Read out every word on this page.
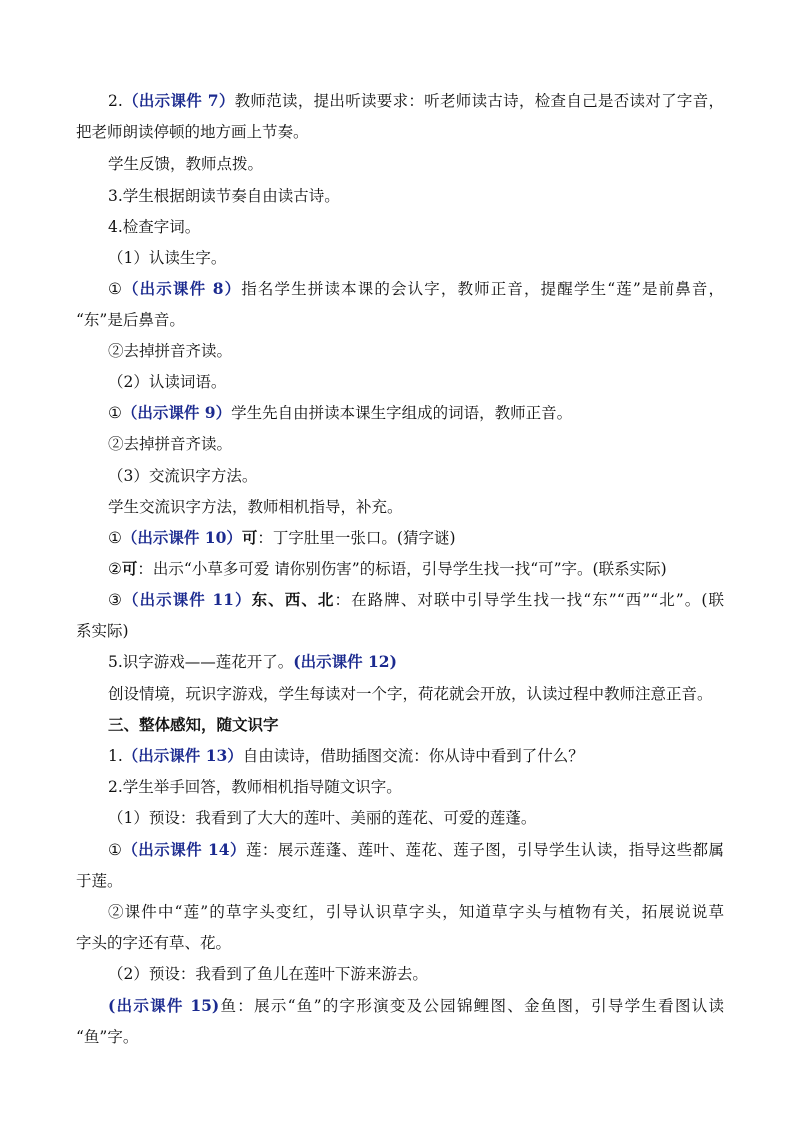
2.（出示课件 7）教师范读，提出听读要求：听老师读古诗，检查自己是否读对了字音，
把老师朗读停顿的地方画上节奏。
学生反馈，教师点拨。
3.学生根据朗读节奏自由读古诗。
4.检查字词。
（1）认读生字。
①（出示课件 8）指名学生拼读本课的会认字，教师正音，提醒学生“莲”是前鼻音，
“东”是后鼻音。
②去掉拼音齐读。
（2）认读词语。
①（出示课件 9）学生先自由拼读本课生字组成的词语，教师正音。
②去掉拼音齐读。
（3）交流识字方法。
学生交流识字方法，教师相机指导，补充。
①（出示课件 10）可：丁字肚里一张口。(猜字谜)
②可：出示“小草多可爱 请你别伤害”的标语，引导学生找一找“可”字。(联系实际)
③（出示课件 11）东、西、北：在路牌、对联中引导学生找一找“东”“西”“北”。(联
系实际)
5.识字游戏——莲花开了。(出示课件 12)
创设情境，玩识字游戏，学生每读对一个字，荷花就会开放，认读过程中教师注意正音。
三、整体感知，随文识字
1.（出示课件 13）自由读诗，借助插图交流：你从诗中看到了什么？
2.学生举手回答，教师相机指导随文识字。
（1）预设：我看到了大大的莲叶、美丽的莲花、可爱的莲蓬。
①（出示课件 14）莲：展示莲蓬、莲叶、莲花、莲子图，引导学生认读，指导这些都属
于莲。
②课件中“莲”的草字头变红，引导认识草字头，知道草字头与植物有关，拓展说说草
字头的字还有草、花。
（2）预设：我看到了鱼儿在莲叶下游来游去。
(出示课件 15)鱼：展示“鱼”的字形演变及公园锦鲤图、金鱼图，引导学生看图认读
“鱼”字。
